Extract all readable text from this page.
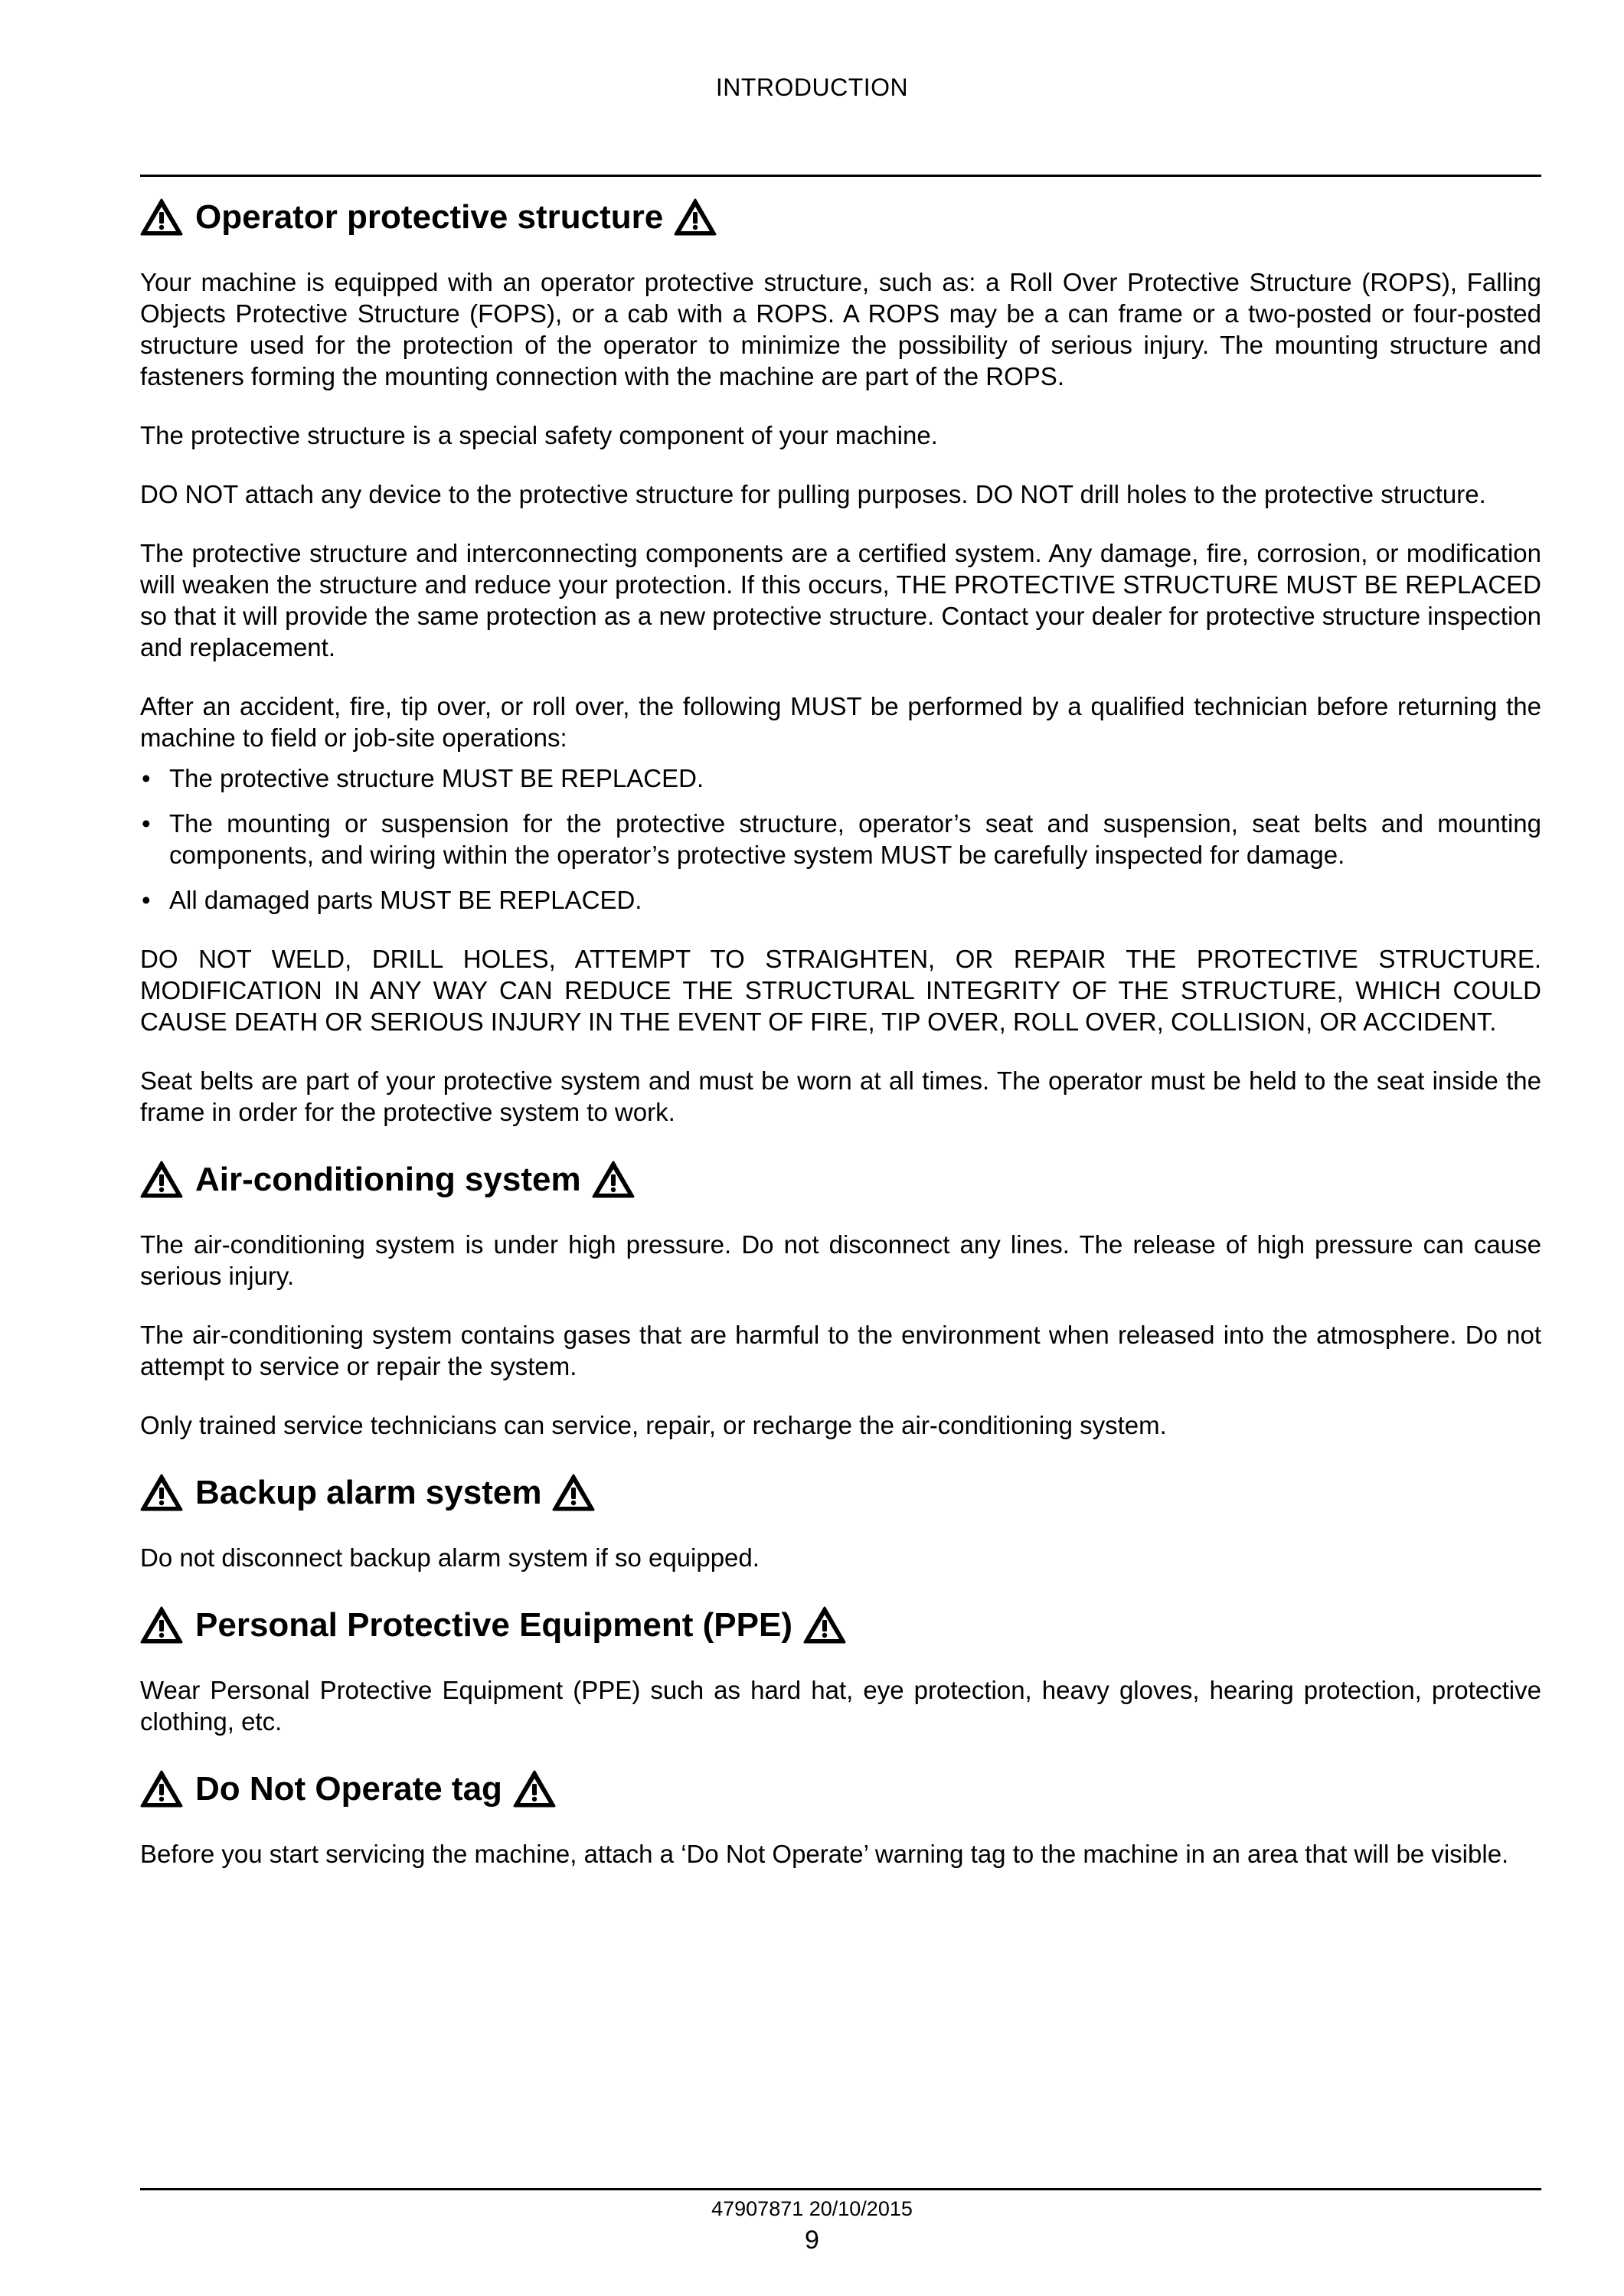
INTRODUCTION
Operator protective structure

Your machine is equipped with an operator protective structure, such as: a Roll Over Protective Structure (ROPS), Falling Objects Protective Structure (FOPS), or a cab with a ROPS. A ROPS may be a can frame or a two-posted or four-posted structure used for the protection of the operator to minimize the possibility of serious injury. The mounting structure and fasteners forming the mounting connection with the machine are part of the ROPS.

The protective structure is a special safety component of your machine.

DO NOT attach any device to the protective structure for pulling purposes. DO NOT drill holes to the protective structure.

The protective structure and interconnecting components are a certified system. Any damage, fire, corrosion, or modification will weaken the structure and reduce your protection. If this occurs, THE PROTECTIVE STRUCTURE MUST BE REPLACED so that it will provide the same protection as a new protective structure. Contact your dealer for protective structure inspection and replacement.

After an accident, fire, tip over, or roll over, the following MUST be performed by a qualified technician before returning the machine to field or job-site operations:

• The protective structure MUST BE REPLACED.
• The mounting or suspension for the protective structure, operator’s seat and suspension, seat belts and mounting components, and wiring within the operator’s protective system MUST be carefully inspected for damage.
• All damaged parts MUST BE REPLACED.

DO NOT WELD, DRILL HOLES, ATTEMPT TO STRAIGHTEN, OR REPAIR THE PROTECTIVE STRUCTURE. MODIFICATION IN ANY WAY CAN REDUCE THE STRUCTURAL INTEGRITY OF THE STRUCTURE, WHICH COULD CAUSE DEATH OR SERIOUS INJURY IN THE EVENT OF FIRE, TIP OVER, ROLL OVER, COLLISION, OR ACCIDENT.

Seat belts are part of your protective system and must be worn at all times. The operator must be held to the seat inside the frame in order for the protective system to work.

Air-conditioning system

The air-conditioning system is under high pressure. Do not disconnect any lines. The release of high pressure can cause serious injury.

The air-conditioning system contains gases that are harmful to the environment when released into the atmosphere. Do not attempt to service or repair the system.

Only trained service technicians can service, repair, or recharge the air-conditioning system.

Backup alarm system

Do not disconnect backup alarm system if so equipped.

Personal Protective Equipment (PPE)

Wear Personal Protective Equipment (PPE) such as hard hat, eye protection, heavy gloves, hearing protection, protective clothing, etc.

Do Not Operate tag

Before you start servicing the machine, attach a ‘Do Not Operate’ warning tag to the machine in an area that will be visible.

47907871 20/10/2015
9
